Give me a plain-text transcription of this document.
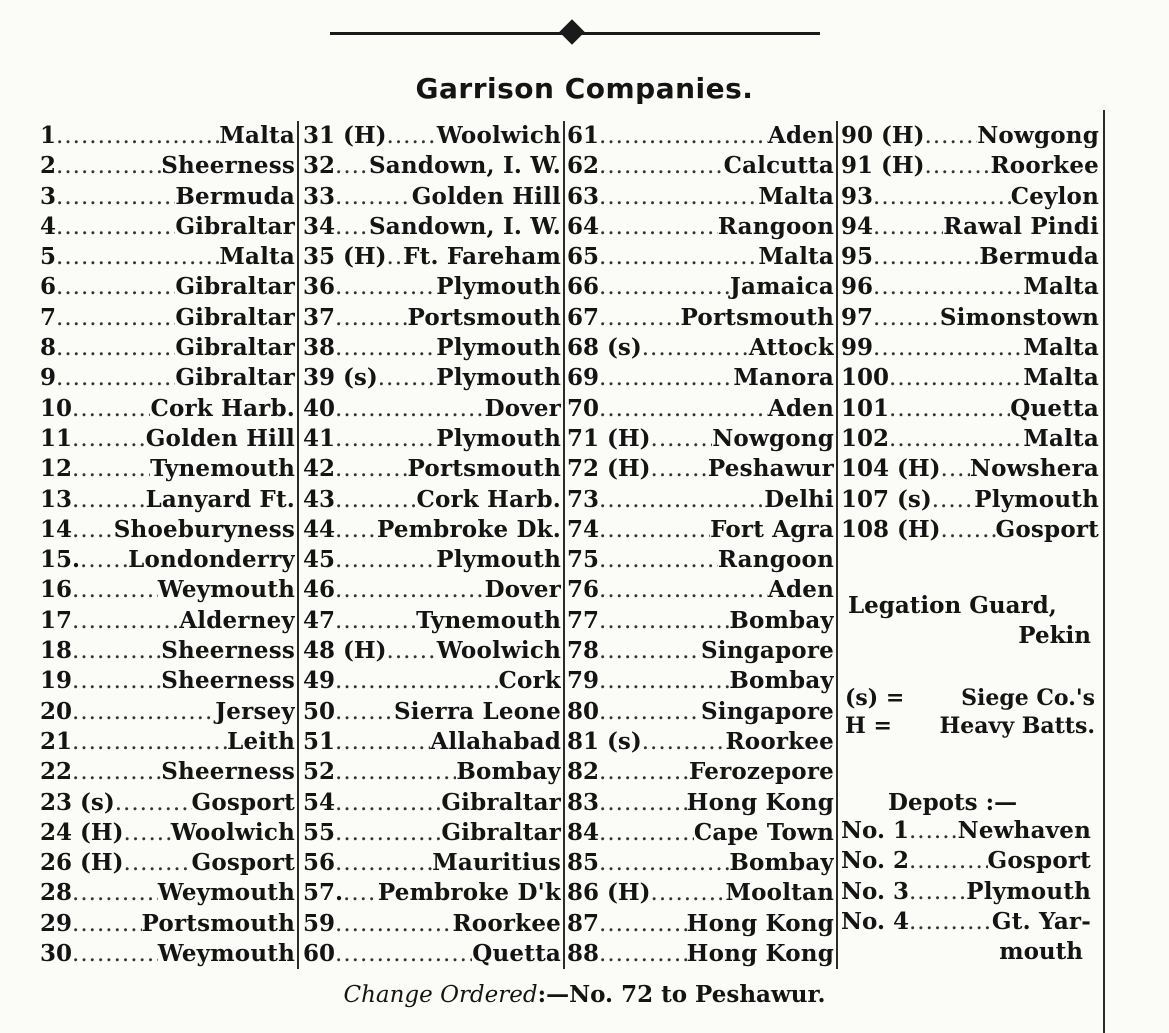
Garrison Companies.
1 .....	Malta
2 .....	Sheerness
3 .....	Bermuda
4 .....	Gibraltar
5 .....	Malta
6 .....	Gibraltar
7 .....	Gibraltar
8 .....	Gibraltar
9 .....	Gibraltar
10 .....	Cork Harb.
11 .....	Golden Hill
12 .....	Tynemouth
13 .....	Lanyard Ft.
14 ..... Shoeburyness
15. ..... Londonderry
16 .....	Weymouth
17 .....	Alderney
18 .....	Sheerness
19 .....	Sheerness
20 .....	Jersey
21 .....	Leith
22 .....	Sheerness
23 (s) .....	Gosport
24 (H) ..... Woolwich
26 (H) .....	Gosport
28 .....	Weymouth
29 .....	Portsmouth
30 .....	Weymouth
31 (H) ..... Woolwich
32 ..... Sandown, I. W.
33 .....	Golden Hill
34 ..... Sandown, I. W.
35 (H) ..... Ft. Fareham
36 .....	Plymouth
37 .....	Portsmouth
38 .....	Plymouth
39 (s) .....	Plymouth
40 .....	Dover
41 .....	Plymouth
42 .....	Portsmouth
43 .....	Cork Harb.
44 ..... Pembroke Dk.
45 .....	Plymouth
46 .....	Dover
47 .....	Tynemouth
48 (H) ..... Woolwich
49 .....	Cork
50 .....	Sierra Leone
51 .....	Allahabad
52 .....	Bombay
54 .....	Gibraltar
55 .....	Gibraltar
56 .....	Mauritius
57. ..... Pembroke D'k
59 .....	Roorkee
60 .....	Quetta
61 .....	Aden
62 .....	Calcutta
63 .....	Malta
64 .....	Rangoon
65 .....	Malta
66 .....	Jamaica
67 .....	Portsmouth
68 (s) .....	Attock
69 .....	Manora
70 .....	Aden
71 (H) .....	Nowgong
72 (H) ..... Peshawur
73 .....	Delhi
74 .....	Fort Agra
75 .....	Rangoon
76 .....	Aden
77 .....	Bombay
78 .....	Singapore
79 .....	Bombay
80 .....	Singapore
81 (s) .....	Roorkee
82 .....	Ferozepore
83 .....	Hong Kong
84 .....	Cape Town
85 .....	Bombay
86 (H) .....	Mooltan
87 .....	Hong Kong
88 .....	Hong Kong
90 (H) ..... Nowgong
91 (H) .....	Roorkee
93 .....	Ceylon
94 .....	Rawal Pindi
95 .....	Bermuda
96 .....	Malta
97 .....	Simonstown
99 .....	Malta
100 .....	Malta
101 .....	Quetta
102 .....	Malta
104 (H) ..... Nowshera
107 (s) ..... Plymouth
108 (H) ..... Gosport
Legation Guard,
Pekin
(s) =	Siege Co.'s
H = Heavy Batts.
Depots :—
No. 1 ..... Newhaven
No. 2 .....	Gosport
No. 3 ..... Plymouth
No. 4 .....	Gt. Yar-
mouth
Change Ordered:—No. 72 to Peshawur.
